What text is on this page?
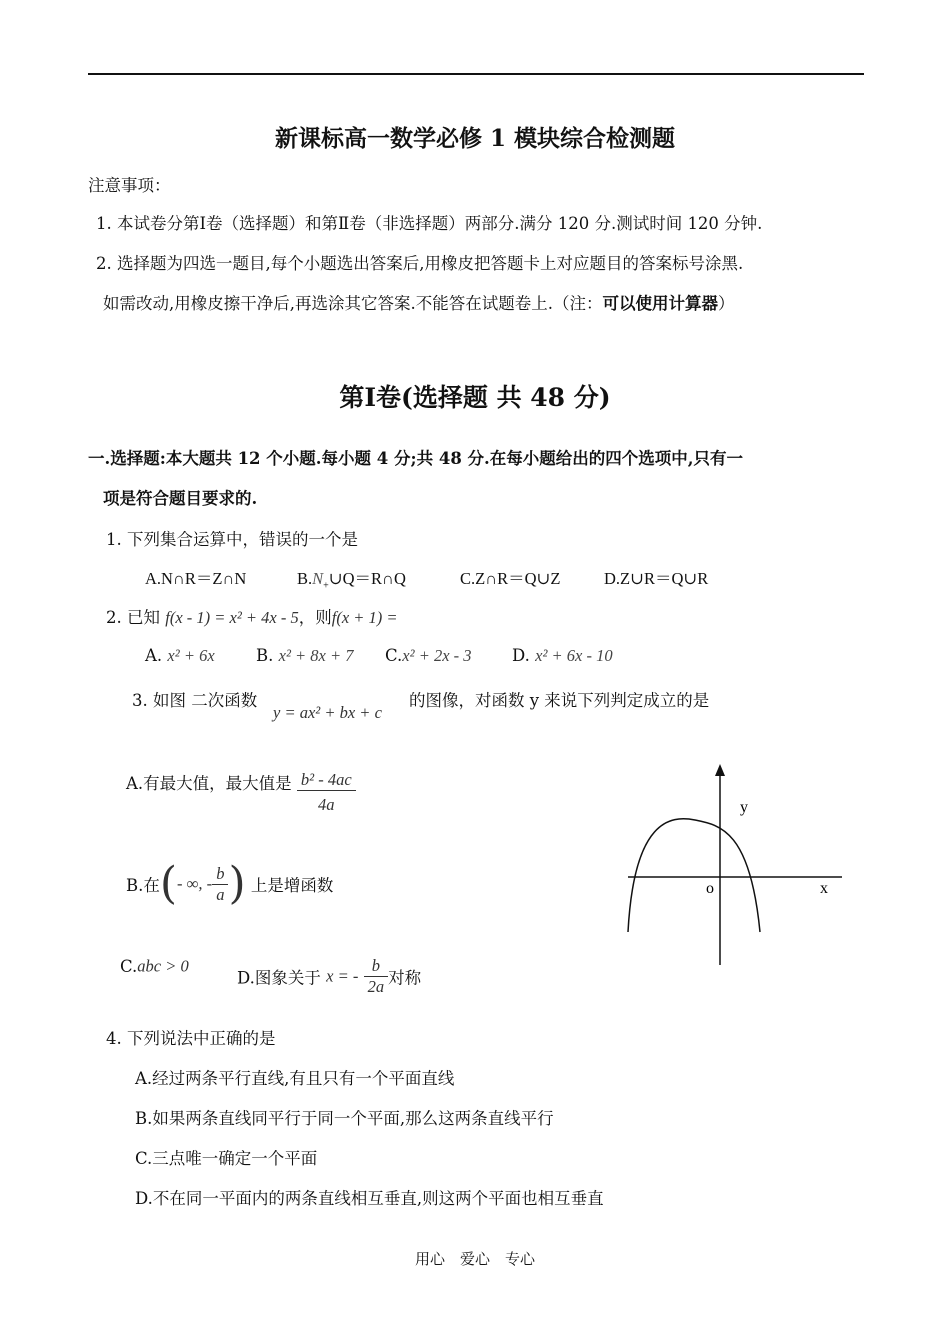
新课标高一数学必修 1 模块综合检测题
注意事项：
1. 本试卷分第Ⅰ卷（选择题）和第Ⅱ卷（非选择题）两部分.满分 120 分.测试时间 120 分钟.
2. 选择题为四选一题目,每个小题选出答案后,用橡皮把答题卡上对应题目的答案标号涂黑.
如需改动,用橡皮擦干净后,再选涂其它答案.不能答在试题卷上.（注：可以使用计算器）
第Ⅰ卷(选择题 共 48 分)
一.选择题:本大题共 12 个小题.每小题 4 分;共 48 分.在每小题给出的四个选项中,只有一
项是符合题目要求的.
1. 下列集合运算中，错误的一个是
A.N∩R＝Z∩N	$B.N_+\cup Q=R\cap Q$	C.Z∩R＝Q∪Z	D.Z∪R＝Q∪R
2. 已知 f(x - 1) = x² + 4x - 5，则f(x + 1) =
A. x² + 6x	B. x² + 8x + 7 C.x² + 2x - 3 D. x² + 6x - 10
3. 如图 二次函数
y = ax² + bx + c
的图像，对函数 y 来说下列判定成立的是
A.有最大值，最大值是 $\frac{\text{b² - 4ac}}{4a}$
B.在(- ∞, - $\frac{b}{a}$ ) 上是增函数
C.abc > 0
D.图象关于 x = - $\frac{b}{2a}$ 对称
y
o	x
4. 下列说法中正确的是
A.经过两条平行直线,有且只有一个平面直线
B.如果两条直线同平行于同一个平面,那么这两条直线平行
C.三点唯一确定一个平面
D.不在同一平面内的两条直线相互垂直,则这两个平面也相互垂直
用心　爱心　专心
